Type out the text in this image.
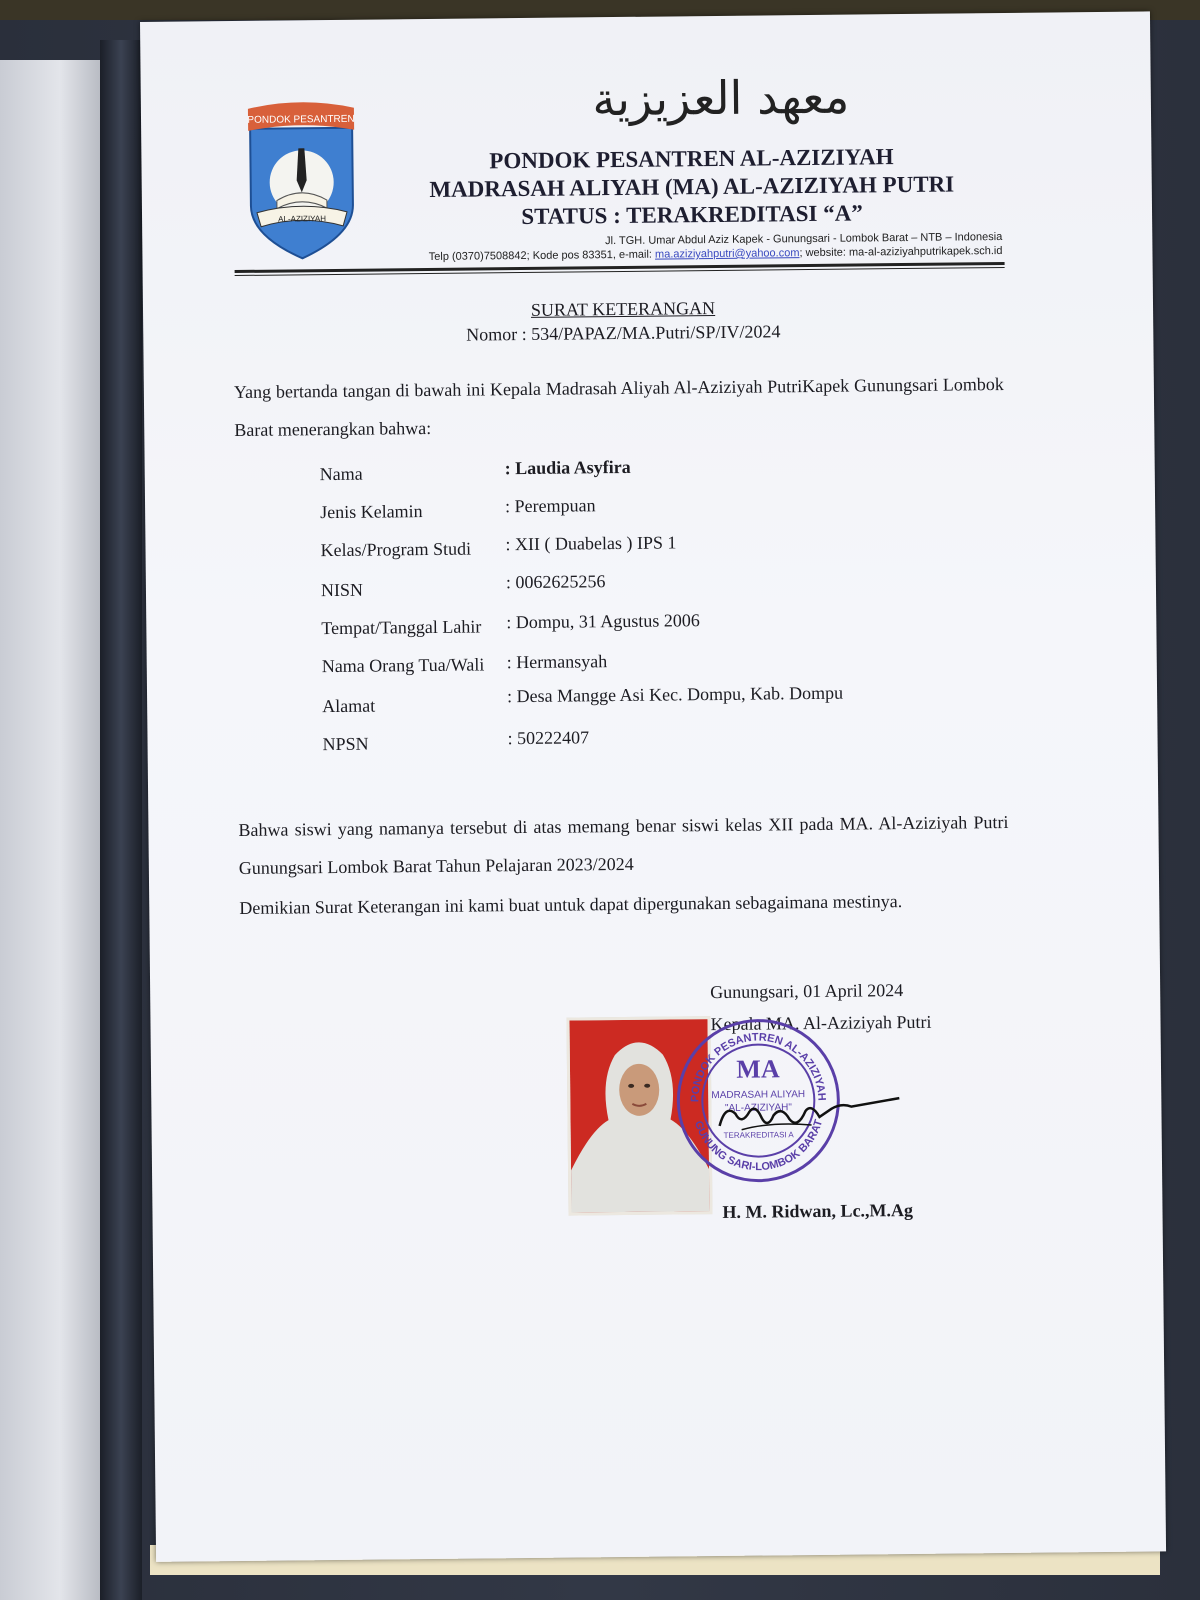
PONDOK PESANTREN
AL-AZIZIYAH
معهد العزيزية
PONDOK PESANTREN AL-AZIZIYAH
MADRASAH ALIYAH (MA) AL-AZIZIYAH PUTRI
STATUS : TERAKREDITASI “A”
Jl. TGH. Umar Abdul Aziz Kapek - Gunungsari - Lombok Barat – NTB – Indonesia
Telp (0370)7508842; Kode pos 83351, e-mail: ma.aziziyahputri@yahoo.com; website: ma-al-aziziyahputrikapek.sch.id
SURAT KETERANGAN
Nomor : 534/PAPAZ/MA.Putri/SP/IV/2024
Yang bertanda tangan di bawah ini Kepala Madrasah Aliyah Al-Aziziyah PutriKapek Gunungsari Lombok Barat menerangkan bahwa:
Nama	: Laudia Asyfira
Jenis Kelamin	: Perempuan
Kelas/Program Studi : XII ( Duabelas ) IPS 1
NISN	: 0062625256
Tempat/Tanggal Lahir : Dompu, 31 Agustus 2006
Nama Orang Tua/Wali : Hermansyah
Alamat	: Desa Mangge Asi Kec. Dompu, Kab. Dompu
NPSN	: 50222407
Bahwa siswi yang namanya tersebut di atas memang benar siswi kelas XII pada MA. Al-Aziziyah Putri Gunungsari Lombok Barat Tahun Pelajaran 2023/2024
Demikian Surat Keterangan ini kami buat untuk dapat dipergunakan sebagaimana mestinya.
Gunungsari, 01 April 2024
Kepala MA. Al-Aziziyah Putri
PONDOK PESANTREN AL-AZIZIYAH
GUNUNG SARI-LOMBOK BARAT
MA
MADRASAH ALIYAH
"AL-AZIZIYAH"
TERAKREDITASI A
H. M. Ridwan, Lc.,M.Ag
